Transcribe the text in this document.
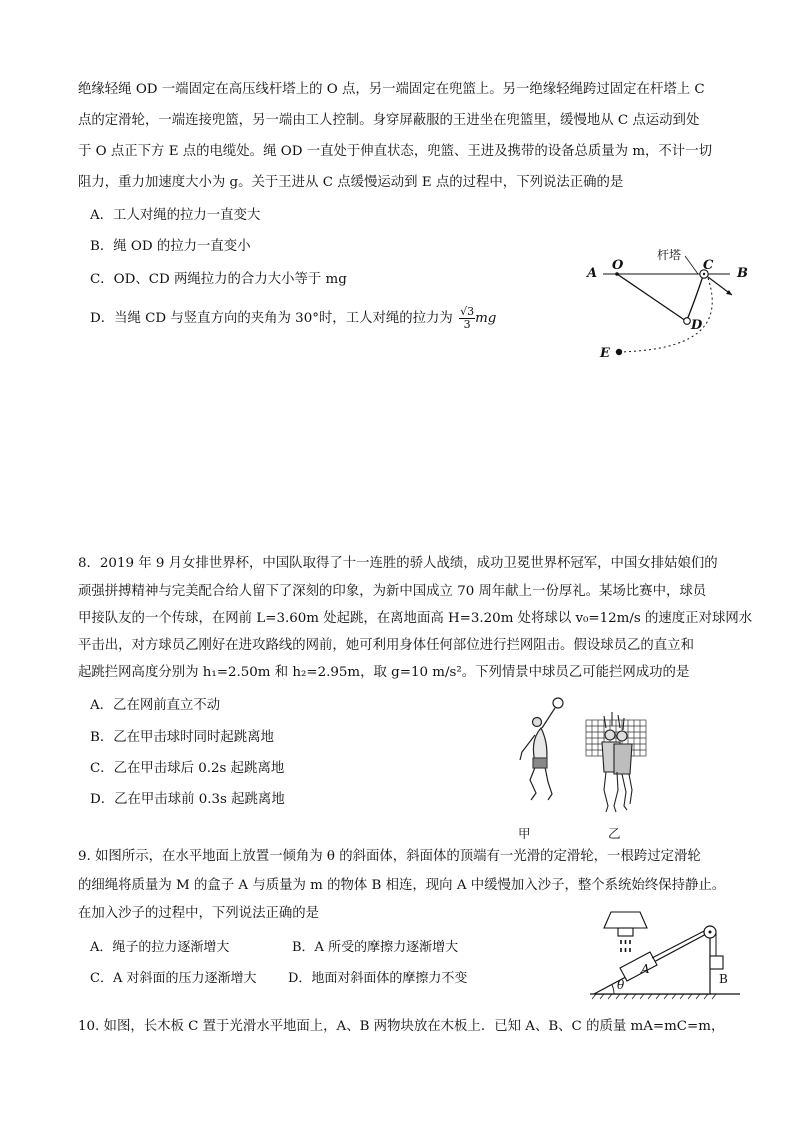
绝缘轻绳 OD 一端固定在高压线杆塔上的 O 点，另一端固定在兜篮上。另一绝缘轻绳跨过固定在杆塔上 C
点的定滑轮，一端连接兜篮，另一端由工人控制。身穿屏蔽服的王进坐在兜篮里，缓慢地从 C 点运动到处
于 O 点正下方 E 点的电缆处。绳 OD 一直处于伸直状态，兜篮、王进及携带的设备总质量为 m，不计一切
阻力，重力加速度大小为 g。关于王进从 C 点缓慢运动到 E 点的过程中，下列说法正确的是
A．工人对绳的拉力一直变大
B．绳 OD 的拉力一直变小
C．OD、CD 两绳拉力的合力大小等于 mg
D．当绳 CD 与竖直方向的夹角为 30°时，工人对绳的拉力为 $\frac{√3}{3}$ mg
A
O
杆塔
C
B
D
E
8．2019 年 9 月女排世界杯，中国队取得了十一连胜的骄人战绩，成功卫冕世界杯冠军，中国女排姑娘们的
顽强拼搏精神与完美配合给人留下了深刻的印象，为新中国成立 70 周年献上一份厚礼。某场比赛中，球员
甲接队友的一个传球，在网前 L=3.60m 处起跳，在离地面高 H=3.20m 处将球以 v₀=12m/s 的速度正对球网水
平击出，对方球员乙刚好在进攻路线的网前，她可利用身体任何部位进行拦网阻击。假设球员乙的直立和
起跳拦网高度分别为 h₁=2.50m 和 h₂=2.95m，取 g=10 m/s²。下列情景中球员乙可能拦网成功的是
A．乙在网前直立不动
B．乙在甲击球时同时起跳离地
C．乙在甲击球后 0.2s 起跳离地
D．乙在甲击球前 0.3s 起跳离地
甲	乙
9. 如图所示，在水平地面上放置一倾角为 θ 的斜面体，斜面体的顶端有一光滑的定滑轮，一根跨过定滑轮
的细绳将质量为 M 的盒子 A 与质量为 m 的物体 B 相连，现向 A 中缓慢加入沙子，整个系统始终保持静止。
在加入沙子的过程中，下列说法正确的是
A．绳子的拉力逐渐增大	B．A 所受的摩擦力逐渐增大
C．A 对斜面的压力逐渐增大 D．地面对斜面体的摩擦力不变
A
B
θ
10. 如图，长木板 C 置于光滑水平地面上，A、B 两物块放在木板上．已知 A、B、C 的质量 mA=mC=m，
